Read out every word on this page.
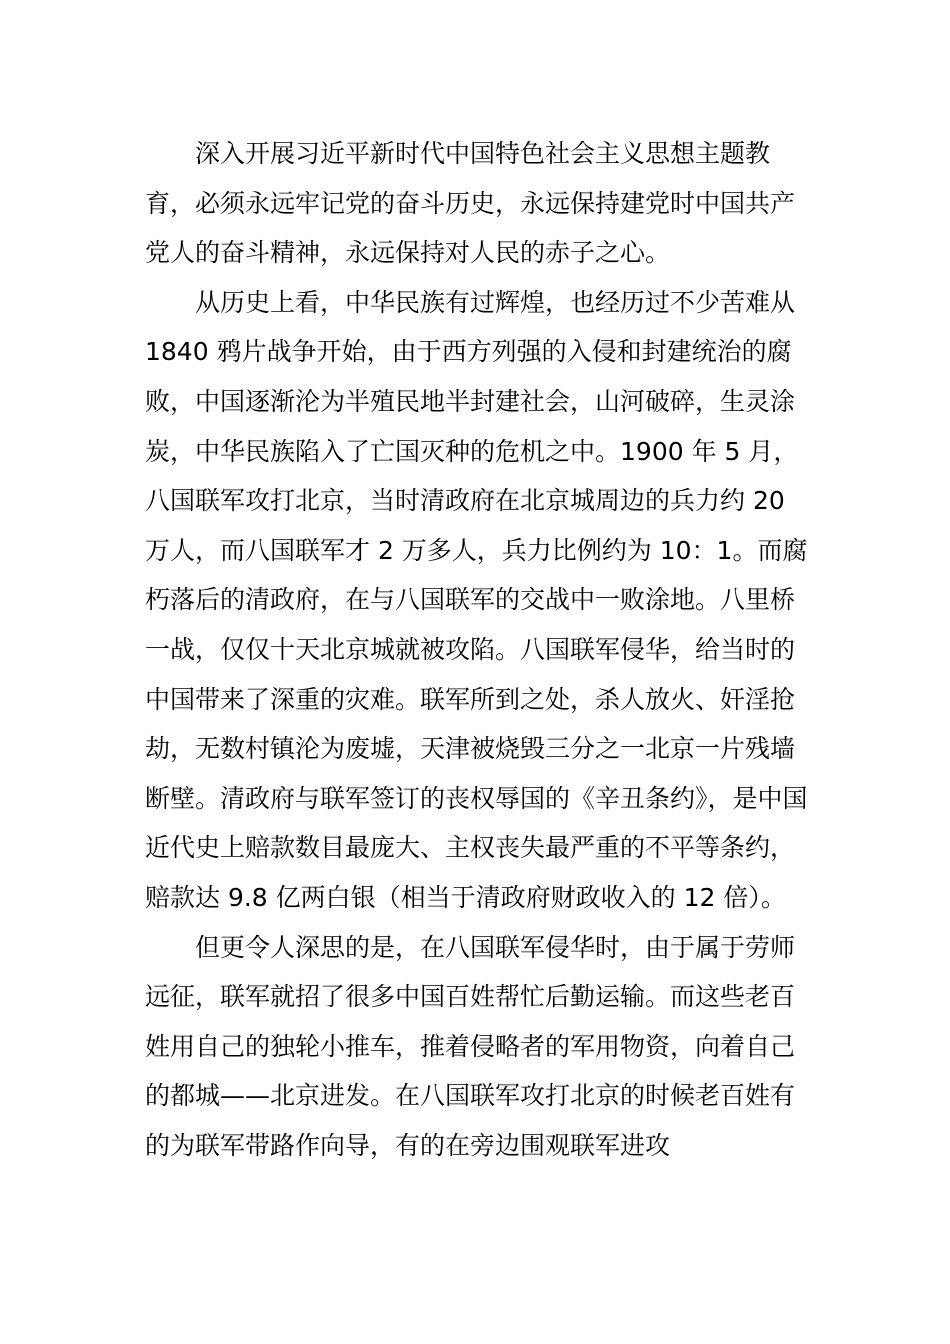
深入开展习近平新时代中国特色社会主义思想主题教育，必须永远牢记党的奋斗历史，永远保持建党时中国共产党人的奋斗精神，永远保持对人民的赤子之心。

从历史上看，中华民族有过辉煌，也经历过不少苦难从 1840 鸦片战争开始，由于西方列强的入侵和封建统治的腐败，中国逐渐沦为半殖民地半封建社会，山河破碎，生灵涂炭，中华民族陷入了亡国灭种的危机之中。1900 年 5 月，八国联军攻打北京，当时清政府在北京城周边的兵力约 20 万人，而八国联军才 2 万多人，兵力比例约为 10：1。而腐朽落后的清政府，在与八国联军的交战中一败涂地。八里桥一战，仅仅十天北京城就被攻陷。八国联军侵华，给当时的中国带来了深重的灾难。联军所到之处，杀人放火、奸淫抢劫，无数村镇沦为废墟，天津被烧毁三分之一北京一片残墙断壁。清政府与联军签订的丧权辱国的《辛丑条约》，是中国近代史上赔款数目最庞大、主权丧失最严重的不平等条约，赔款达 9.8 亿两白银（相当于清政府财政收入的 12 倍）。

但更令人深思的是，在八国联军侵华时，由于属于劳师远征，联军就招了很多中国百姓帮忙后勤运输。而这些老百姓用自己的独轮小推车，推着侵略者的军用物资，向着自己的都城——北京进发。在八国联军攻打北京的时候老百姓有的为联军带路作向导，有的在旁边围观联军进攻
